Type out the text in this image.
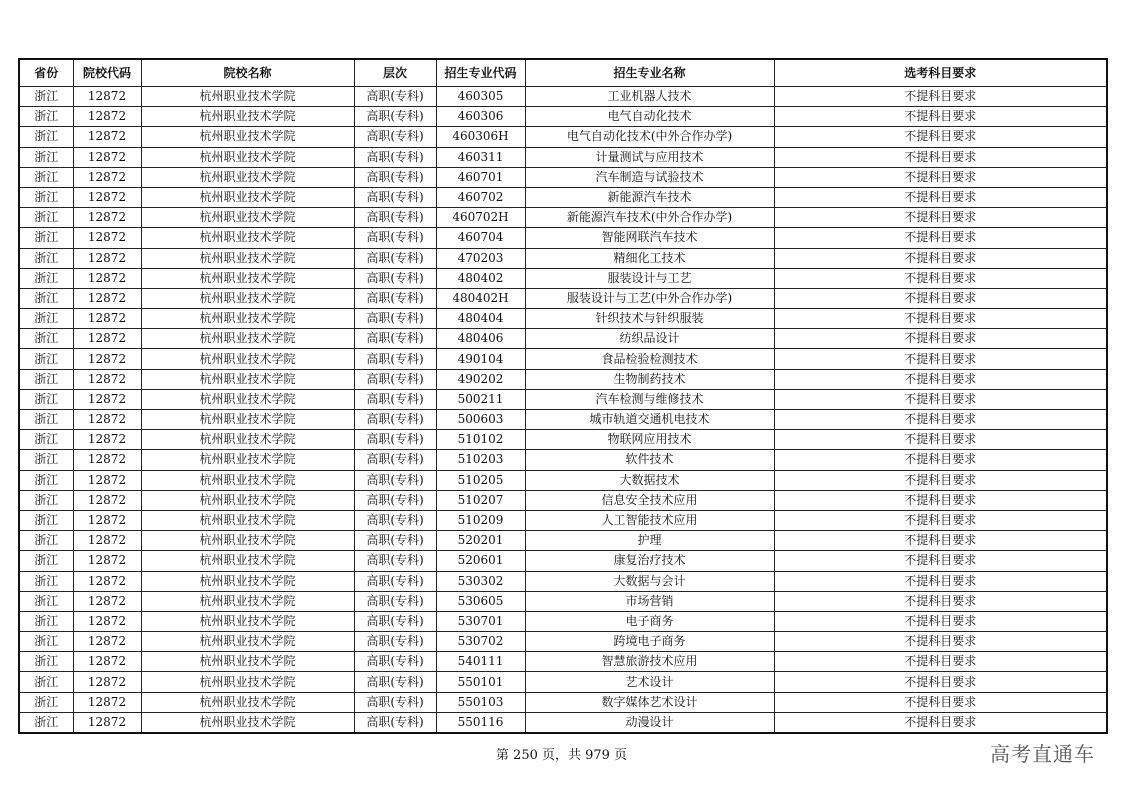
省份	院校代码	院校名称	层次	招生专业代码	招生专业名称	选考科目要求
浙江	12872	杭州职业技术学院	高职(专科)	460305	工业机器人技术	不提科目要求
浙江	12872	杭州职业技术学院	高职(专科)	460306	电气自动化技术	不提科目要求
浙江	12872	杭州职业技术学院	高职(专科)	460306H	电气自动化技术(中外合作办学)	不提科目要求
浙江	12872	杭州职业技术学院	高职(专科)	460311	计量测试与应用技术	不提科目要求
浙江	12872	杭州职业技术学院	高职(专科)	460701	汽车制造与试验技术	不提科目要求
浙江	12872	杭州职业技术学院	高职(专科)	460702	新能源汽车技术	不提科目要求
浙江	12872	杭州职业技术学院	高职(专科)	460702H	新能源汽车技术(中外合作办学)	不提科目要求
浙江	12872	杭州职业技术学院	高职(专科)	460704	智能网联汽车技术	不提科目要求
浙江	12872	杭州职业技术学院	高职(专科)	470203	精细化工技术	不提科目要求
浙江	12872	杭州职业技术学院	高职(专科)	480402	服装设计与工艺	不提科目要求
浙江	12872	杭州职业技术学院	高职(专科)	480402H	服装设计与工艺(中外合作办学)	不提科目要求
浙江	12872	杭州职业技术学院	高职(专科)	480404	针织技术与针织服装	不提科目要求
浙江	12872	杭州职业技术学院	高职(专科)	480406	纺织品设计	不提科目要求
浙江	12872	杭州职业技术学院	高职(专科)	490104	食品检验检测技术	不提科目要求
浙江	12872	杭州职业技术学院	高职(专科)	490202	生物制药技术	不提科目要求
浙江	12872	杭州职业技术学院	高职(专科)	500211	汽车检测与维修技术	不提科目要求
浙江	12872	杭州职业技术学院	高职(专科)	500603	城市轨道交通机电技术	不提科目要求
浙江	12872	杭州职业技术学院	高职(专科)	510102	物联网应用技术	不提科目要求
浙江	12872	杭州职业技术学院	高职(专科)	510203	软件技术	不提科目要求
浙江	12872	杭州职业技术学院	高职(专科)	510205	大数据技术	不提科目要求
浙江	12872	杭州职业技术学院	高职(专科)	510207	信息安全技术应用	不提科目要求
浙江	12872	杭州职业技术学院	高职(专科)	510209	人工智能技术应用	不提科目要求
浙江	12872	杭州职业技术学院	高职(专科)	520201	护理	不提科目要求
浙江	12872	杭州职业技术学院	高职(专科)	520601	康复治疗技术	不提科目要求
浙江	12872	杭州职业技术学院	高职(专科)	530302	大数据与会计	不提科目要求
浙江	12872	杭州职业技术学院	高职(专科)	530605	市场营销	不提科目要求
浙江	12872	杭州职业技术学院	高职(专科)	530701	电子商务	不提科目要求
浙江	12872	杭州职业技术学院	高职(专科)	530702	跨境电子商务	不提科目要求
浙江	12872	杭州职业技术学院	高职(专科)	540111	智慧旅游技术应用	不提科目要求
浙江	12872	杭州职业技术学院	高职(专科)	550101	艺术设计	不提科目要求
浙江	12872	杭州职业技术学院	高职(专科)	550103	数字媒体艺术设计	不提科目要求
浙江	12872	杭州职业技术学院	高职(专科)	550116	动漫设计	不提科目要求
第 250 页，共 979 页	高考直通车
